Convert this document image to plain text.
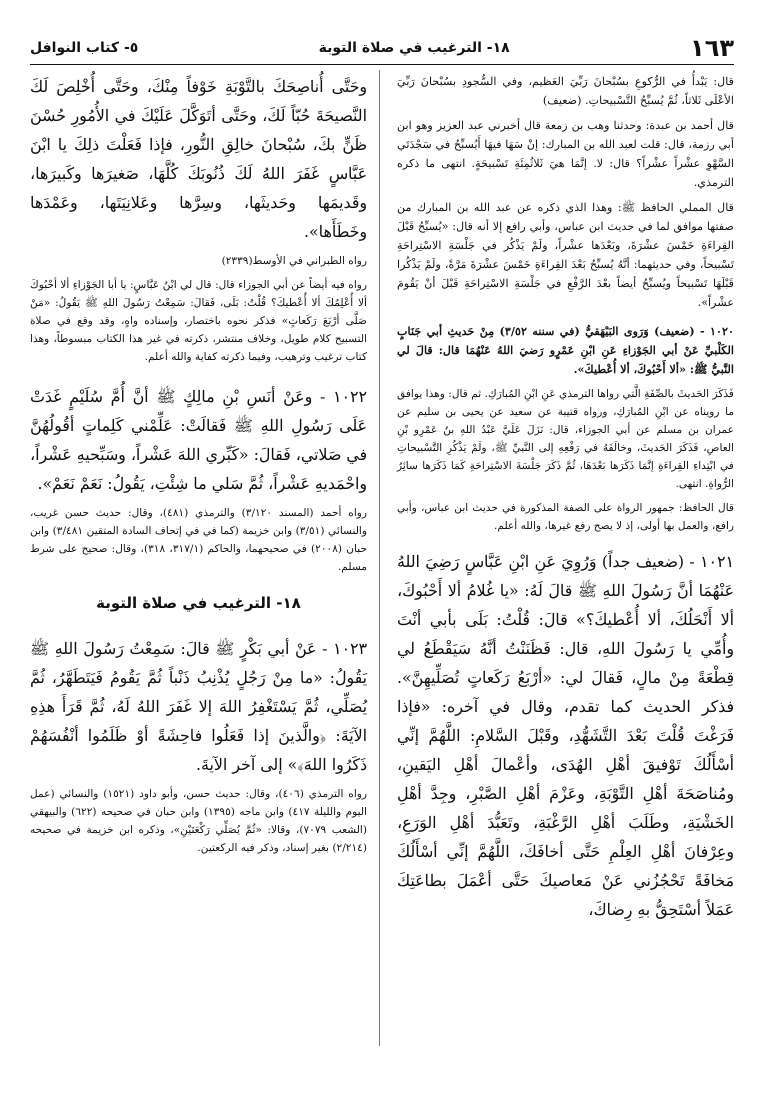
١٦٣
١٨- الترغيب في صلاة التوبة
٥- كتاب النوافل

قال: يَبْدأُ في الرُّكوعِ بسُبْحانَ رَبِّيَ العَظيم، وفي السُّجودِ بسُبْحانَ رَبِّيَ الأعْلَى ثَلاثاً، ثُمَّ يُسبِّحُ التَّسْبيحاتِ. (ضعيف)

قال أحمد بن عبدة: وحدثنا وهب بن زمعة قال أخبرني عبد العزيز وهو ابن أبي رزمة، قال: قلت لعبد الله بن المبارك: إنْ سَهَا فيهَا أَيُسبِّحُ في سَجْدَتَي السَّهْوِ عشْراً عشْراً؟ قال: لا. إنَّمَا هيَ ثَلاثُمِئَةِ تَسْبيحَةٍ. انتهى ما ذكره الترمذي.

قال المملي الحافظ ﷺ: وهذا الذي ذكره عن عبد الله بن المبارك من صفتها موافق لما في حديث ابن عباس، وأبي رافع إلا أنه قال: «يُسبِّحُ قَبْلَ القِراءَةِ خَمْسَ عشْرَةَ، وبَعْدَها عشْراً، ولَمْ يَذْكُر في جَلْسَةِ الاسْتِراحَةِ تَسْبيحاً، وفي حديثهما: أنَّهُ يُسبِّحُ بَعْدَ القِراءَةِ خَمْسَ عشْرَةَ مَرَّةً، ولَمْ يَذْكُرا قَبْلَهَا تَسْبيحاً ويُسبِّحُ أيضاً بعْدَ الرَّفْعِ في جَلْسَةِ الاسْتِراحَةِ قَبْلَ أنْ يَقُومَ عشْراً».

١٠٢٠ - (ضعيف) وَرَوى البَيْهَقيُّ (في سننه ٣/٥٢) مِنْ حَديثِ أبي جَنَابٍ الكَلْبيِّ عَنْ أبي الجَوْزاءِ عَنِ ابْنِ عَمْرٍو رَضيَ اللهُ عَنْهُمَا قال: قالَ لي النَّبيُّ ﷺ: «ألا أَحْبُوكَ، ألا أُعْطيكَ».

فَذَكَرَ الحَديثَ بالصِّفَةِ الَّتي رواها الترمذي عَنِ ابْنِ المُبارَكِ. ثم قال: وهذا يوافق ما رويناه عن ابْنِ المُبارَكِ، ورواه قتيبة عن سعيد عن يحيى بن سليم عن عمران بن مسلم عن أبي الجوزاء، قال: نَزَلَ عَلَيَّ عَبْدُ اللهِ بنُ عَمْرِو بْنِ العاصِ، فَذَكَرَ الحَديثَ، وخالَفَهُ في رَفْعِهِ إلى النَّبيِّ ﷺ، ولَمْ يَذْكُرِ التَّسْبيحاتِ في ابْتِداءِ القِراءَةِ إنَّمَا ذَكَرَها بَعْدَهَا، ثُمَّ ذَكَرَ جَلْسَةَ الاسْتِراحَةِ كَمَا ذَكَرَها سائِرُ الرُّواةِ. انتهى.

قال الحافظ: جمهور الرواة على الصفة المذكورة في حديث ابن عباس، وأبي رافع، والعمل بها أولى، إذ لا يصح رفع غيرها، والله أعلم.

١٠٢١ - (ضعيف جداً) وَرُوِيَ عَنِ ابْنِ عَبَّاسٍ رَضِيَ اللهُ عَنْهُمَا أنَّ رَسُولَ اللهِ ﷺ قالَ لَهُ: «يا غُلامُ ألا أَحْبُوكَ، ألا أَنْحَلُكَ، ألا أُعْطيكَ؟» قالَ: قُلْتُ: بَلَى بأبي أنْتَ وأُمِّي يا رَسُولَ اللهِ، قال: فَظَنَنْتُ أنَّهُ سَيَقْطَعُ لي قِطْعَةً مِنْ مالٍ، فَقالَ لي: «أرْبَعُ رَكَعاتٍ تُصَلِّيهِنَّ». فذكر الحديث كما تقدم، وقال في آخره: «فإذا فَرَغْتَ قُلْتَ بَعْدَ التَّشَهُّدِ، وقَبْلَ السَّلامِ: اللَّهُمَّ إنِّي أسْأَلُكَ تَوْفيقَ أهْلِ الهُدَى، وأعْمالَ أهْلِ اليَقينِ، ومُناصَحَةَ أهْلِ التَّوْبَةِ، وعَزْمَ أهْلِ الصَّبْرِ، وجِدَّ أهْلِ الخَشْيَةِ، وطَلَبَ أهْلِ الرَّغْبَةِ، وتَعَبُّدَ أهْلِ الوَرَعِ، وعِرْفانَ أهْلِ العِلْمِ حَتَّى أخافَكَ، اللَّهُمَّ إنِّي أسْأَلُكَ مَخافَةً تَحْجُزُني عَنْ مَعاصيكَ حَتَّى أعْمَلَ بطاعَتِكَ عَمَلاً أسْتَحِقُّ بهِ رِضاكَ،

وحَتَّى أُناصِحَكَ بالتَّوْبَةِ خَوْفاً مِنْكَ، وحَتَّى أُخْلِصَ لَكَ النَّصيحَةَ حُبّاً لَكَ، وحَتَّى أتَوَكَّلَ عَلَيْكَ في الأُمُورِ حُسْنَ ظَنٍّ بكَ، سُبْحانَ خالِقِ النُّورِ، فإذا فَعَلْتَ ذلِكَ يا ابْنَ عَبَّاسٍ غَفَرَ اللهُ لَكَ ذُنُوبَكَ كُلَّهَا، صَغيرَها وكَبيرَها، وقَديمَها وحَديثَها، وسِرَّها وعَلانِيَتَها، وعَمْدَها وخَطَأَها».

رواه الطبراني في الأوسط(٢٣٣٩)

رواه فيه أيضاً عن أبي الجوزاء قال: قال لي ابْنُ عَبَّاسٍ: يا أبا الجَوْزاءِ ألا أحْبُوكَ ألا أُعْلِمُكَ ألا أُعْطيكَ؟ قُلْتُ: بَلَى، فَقالَ: سَمِعْتُ رَسُولَ اللهِ ﷺ يَقُولُ: «مَنْ صَلَّى أرْبَعَ رَكَعاتٍ» فذكر نحوه باختصار، وإسناده واهٍ، وقد وقع في صلاة التسبيح كلام طويل، وخلاف منتشر، ذكرته في غير هذا الكتاب مبسوطاً، وهذا كتاب ترغيب وترهيب، وفيما ذكرته كفاية والله أعلم.

١٠٢٢ - وعَنْ أنَسِ بْنِ مالِكٍ ﷺ أنَّ أُمَّ سُلَيْمٍ غَدَتْ عَلَى رَسُولِ اللهِ ﷺ فَقالَتْ: عَلِّمْني كَلِماتٍ أقُولُهُنَّ في صَلاتي، فَقالَ: «كَبِّري اللهَ عَشْراً، وسَبِّحيهِ عَشْراً، واحْمَديهِ عَشْراً، ثُمَّ سَلي ما شِئْتِ، يَقُولُ: نَعَمْ نَعَمْ».

رواه أحمد (المسند ٣/١٢٠) والترمذي (٤٨١)، وقال: حديث حسن غريب، والنسائي (٣/٥١) وابن خزيمة (كما في في إتحاف السادة المتقين ٣/٤٨١) وابن حبان (٢٠٠٨) في صحيحهما، والحاكم (٣١٧/١، ٣١٨)، وقال: صحيح على شرط مسلم.

١٨- الترغيب في صلاة التوبة

١٠٢٣ - عَنْ أبي بَكْرٍ ﷺ قالَ: سَمِعْتُ رَسُولَ اللهِ ﷺ يَقُولُ: «ما مِنْ رَجُلٍ يُذْنِبُ ذَنْباً ثُمَّ يَقُومُ فَيَتَطَهَّرُ، ثُمَّ يُصَلِّي، ثُمَّ يَسْتَغْفِرُ اللهَ إلا غَفَرَ اللهُ لَهُ، ثُمَّ قَرَأَ هذِهِ الآيَةَ: ﴿والَّذينَ إذا فَعَلُوا فاحِشَةً أوْ ظَلَمُوا أنْفُسَهُمْ ذَكَرُوا اللهَ﴾» إلى آخر الآيةَ.

رواه الترمذي (٤٠٦)، وقال: حديث حسن، وأبو داود (١٥٢١) والنسائي (عمل اليوم والليلة ٤١٧) وابن ماجه (١٣٩٥) وابن حبان في صحيحه (٦٢٢) والبيهقي (الشعب ٧٠٧٩)، وقالا: «ثُمَّ يُصَلِّي رَكْعَتَيْنِ»، وذكره ابن خزيمة في صحيحه (٢/٢١٤) بغير إسناد، وذكر فيه الركعتين.
